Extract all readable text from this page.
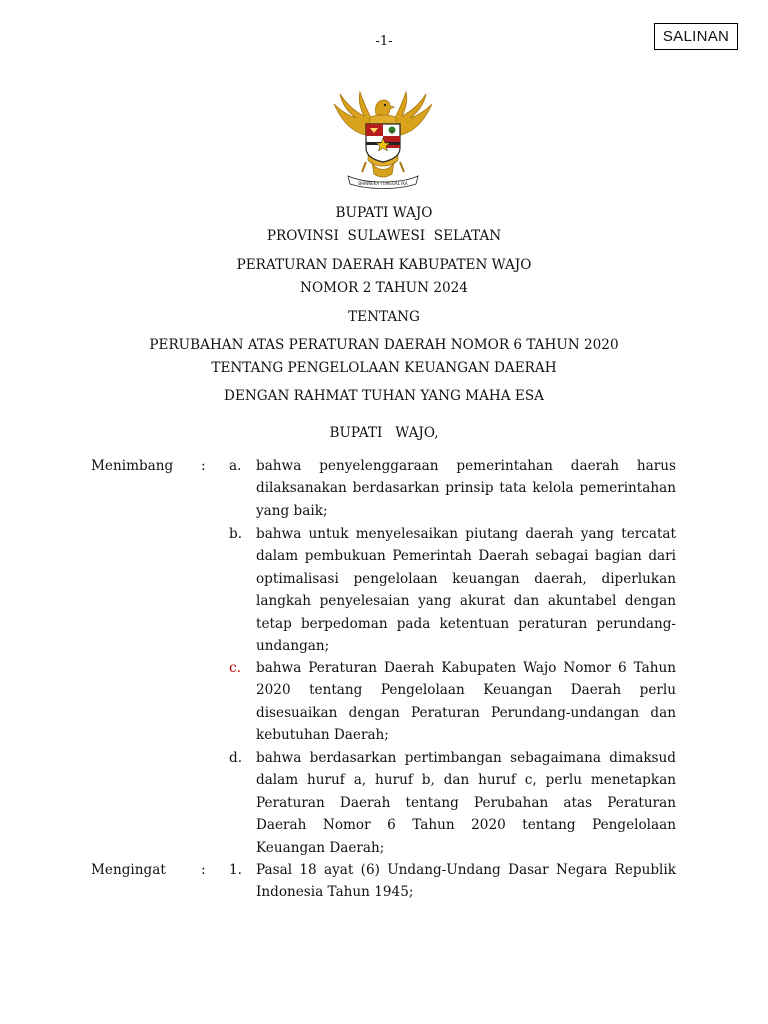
SALINAN
-1-
BHINNEKA TUNGGAL IKA
BUPATI WAJO
PROVINSI  SULAWESI  SELATAN
PERATURAN DAERAH KABUPATEN WAJO
NOMOR 2 TAHUN 2024
TENTANG
PERUBAHAN ATAS PERATURAN DAERAH NOMOR 6 TAHUN 2020
TENTANG PENGELOLAAN KEUANGAN DAERAH
DENGAN RAHMAT TUHAN YANG MAHA ESA
BUPATI   WAJO,
Menimbang : a. bahwa penyelenggaraan pemerintahan daerah harus dilaksanakan berdasarkan prinsip tata kelola pemerintahan yang baik;

b. bahwa untuk menyelesaikan piutang daerah yang tercatat dalam pembukuan Pemerintah Daerah sebagai bagian dari optimalisasi pengelolaan keuangan daerah, diperlukan langkah penyelesaian yang akurat dan akuntabel dengan tetap berpedoman pada ketentuan peraturan perundang-undangan;

c. bahwa Peraturan Daerah Kabupaten Wajo Nomor 6 Tahun 2020 tentang Pengelolaan Keuangan Daerah perlu disesuaikan dengan Peraturan Perundang-undangan dan kebutuhan Daerah;

d. bahwa berdasarkan pertimbangan sebagaimana dimaksud dalam huruf a, huruf b, dan huruf c, perlu menetapkan Peraturan Daerah tentang Perubahan atas Peraturan Daerah Nomor 6 Tahun 2020 tentang Pengelolaan Keuangan Daerah;

Mengingat	: 1. Pasal 18 ayat (6) Undang-Undang Dasar Negara Republik Indonesia Tahun 1945;
